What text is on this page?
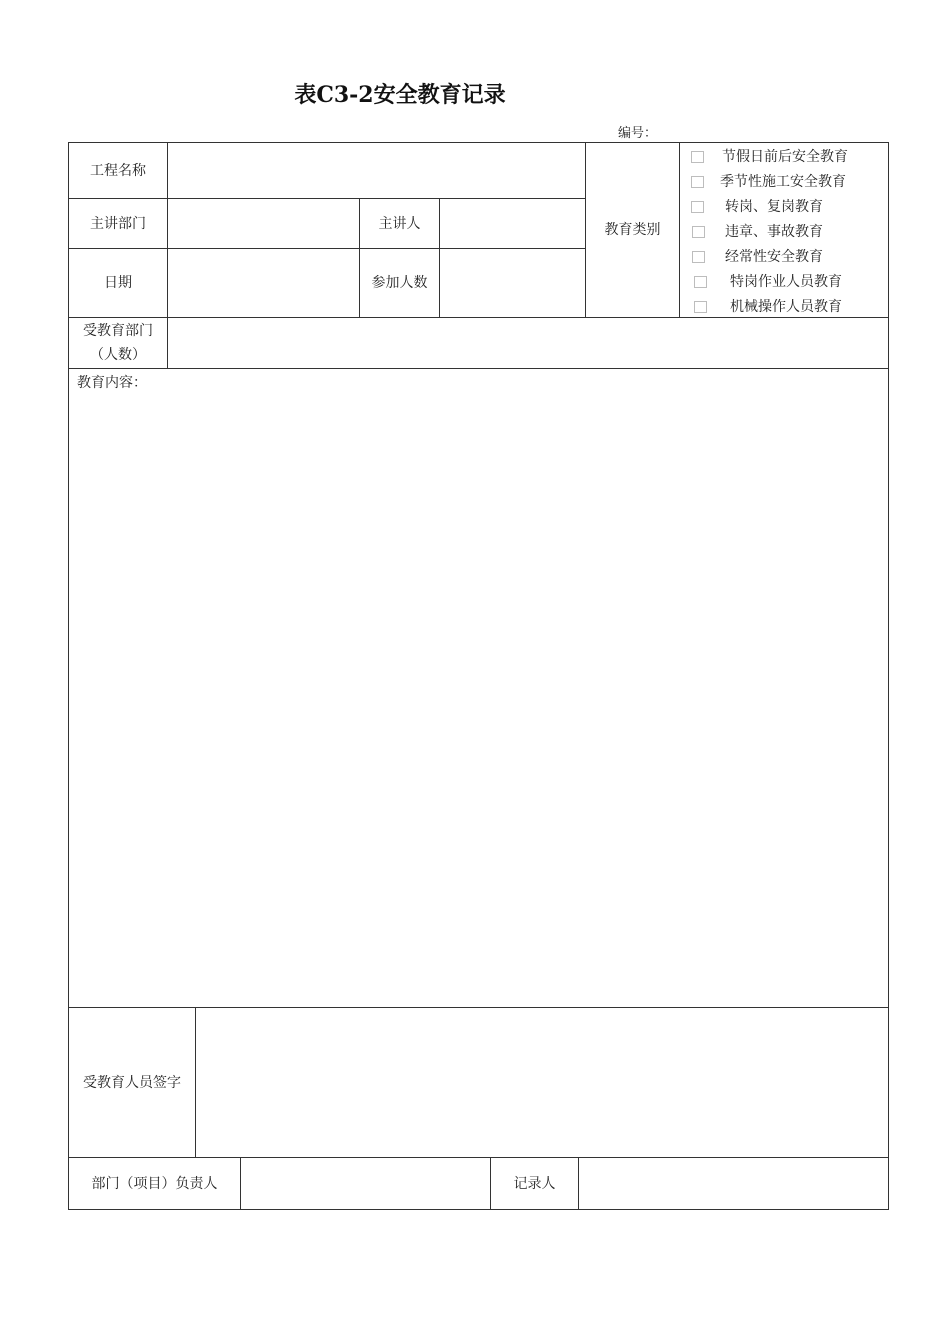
表C3-2安全教育记录
编号：
工程名称
主讲部门	主讲人
日期	参加人数
教育类别
节假日前后安全教育
季节性施工安全教育
转岗、复岗教育
违章、事故教育
经常性安全教育
特岗作业人员教育
机械操作人员教育
受教育部门
（人数）
教育内容：
受教育人员签字
部门（项目）负责人	记录人
